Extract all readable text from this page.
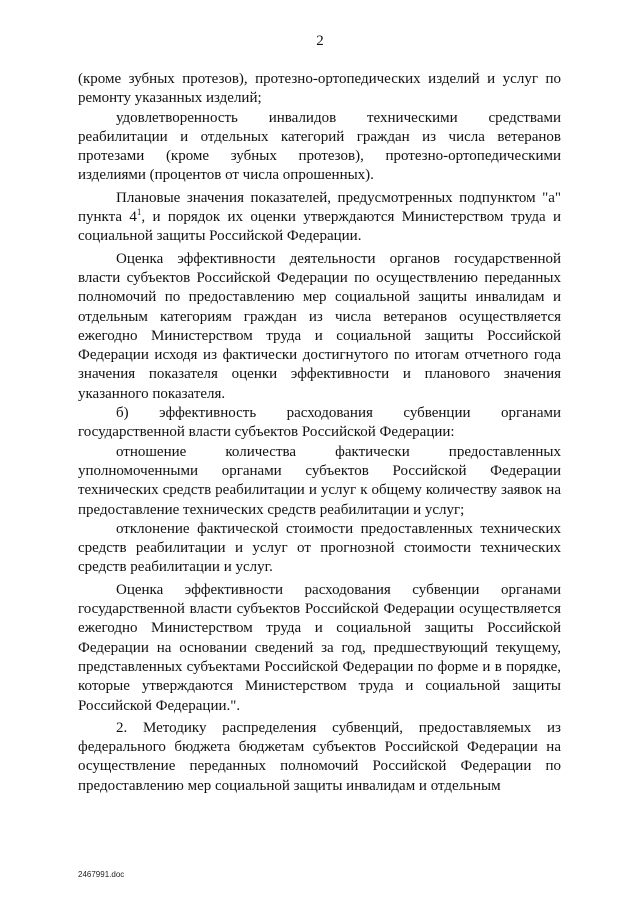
2

(кроме зубных протезов), протезно-ортопедических изделий и услуг по ремонту указанных изделий;

удовлетворенность инвалидов техническими средствами реабилитации и отдельных категорий граждан из числа ветеранов протезами (кроме зубных протезов), протезно-ортопедическими изделиями (процентов от числа опрошенных).

Плановые значения показателей, предусмотренных подпунктом "а" пункта $4^1$, и порядок их оценки утверждаются Министерством труда и социальной защиты Российской Федерации.

Оценка эффективности деятельности органов государственной власти субъектов Российской Федерации по осуществлению переданных полномочий по предоставлению мер социальной защиты инвалидам и отдельным категориям граждан из числа ветеранов осуществляется ежегодно Министерством труда и социальной защиты Российской Федерации исходя из фактически достигнутого по итогам отчетного года значения показателя оценки эффективности и планового значения указанного показателя.

б) эффективность расходования субвенции органами государственной власти субъектов Российской Федерации:

отношение количества фактически предоставленных уполномоченными органами субъектов Российской Федерации технических средств реабилитации и услуг к общему количеству заявок на предоставление технических средств реабилитации и услуг;

отклонение фактической стоимости предоставленных технических средств реабилитации и услуг от прогнозной стоимости технических средств реабилитации и услуг.

Оценка эффективности расходования субвенции органами государственной власти субъектов Российской Федерации осуществляется ежегодно Министерством труда и социальной защиты Российской Федерации на основании сведений за год, предшествующий текущему, представленных субъектами Российской Федерации по форме и в порядке, которые утверждаются Министерством труда и социальной защиты Российской Федерации.".

2. Методику распределения субвенций, предоставляемых из федерального бюджета бюджетам субъектов Российской Федерации на осуществление переданных полномочий Российской Федерации по предоставлению мер социальной защиты инвалидам и отдельным

2467991.doc
